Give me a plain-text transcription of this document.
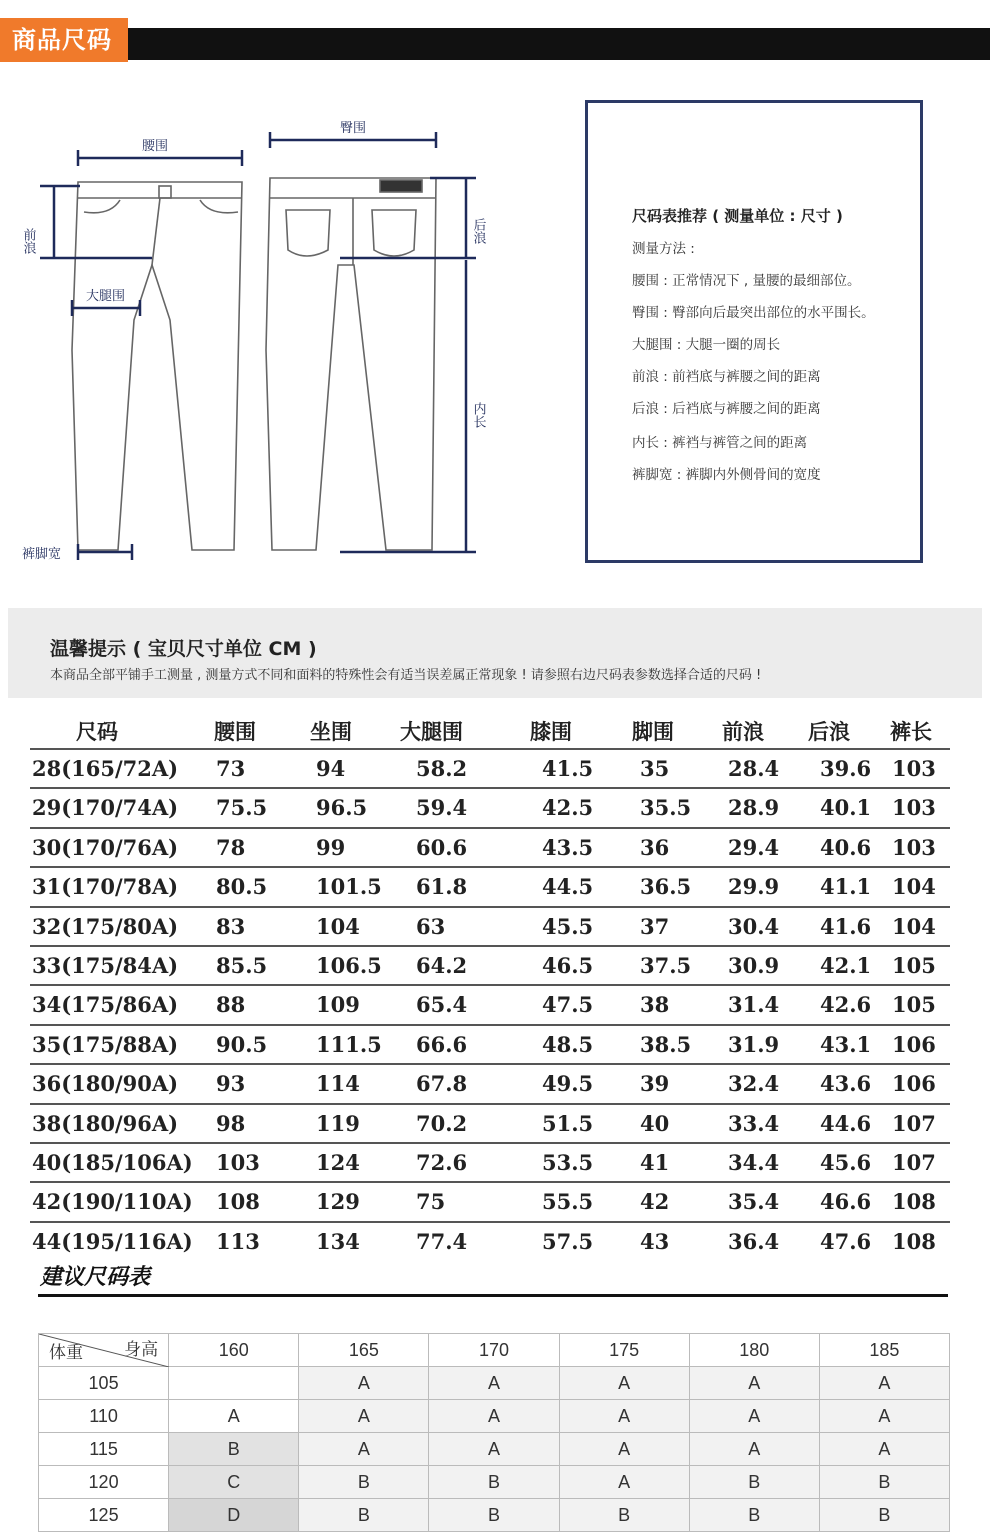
商品尺码
腰围
臀围
前浪	后浪
大腿围
内长
裤脚宽
尺码表推荐 ( 测量单位 : 尺寸 )
测量方法 :
腰围 : 正常情况下 , 量腰的最细部位。
臀围 : 臀部向后最突出部位的水平围长。
大腿围 : 大腿一圈的周长
前浪 : 前裆底与裤腰之间的距离
后浪 : 后裆底与裤腰之间的距离
内长 : 裤裆与裤管之间的距离
裤脚宽 : 裤脚内外侧骨间的宽度
温馨提示 ( 宝贝尺寸单位 CM )
本商品全部平铺手工测量 , 测量方式不同和面料的特殊性会有适当误差属正常现象 ! 请参照右边尺码表参数选择合适的尺码 !
尺码	腰围	坐围 大腿围	膝围	脚围 前浪 后浪 裤长
28(165/72A) 73	94	58.2	41.5 35	28.4 39.6 103
29(170/74A) 75.5 96.5 59.4	42.5 35.5 28.9 40.1 103
30(170/76A) 78	99	60.6	43.5 36	29.4 40.6 103
31(170/78A) 80.5 101.5 61.8	44.5 36.5 29.9 41.1 104
32(175/80A) 83	104	63	45.5 37	30.4 41.6 104
33(175/84A) 85.5 106.5 64.2	46.5 37.5 30.9 42.1 105
34(175/86A) 88	109	65.4	47.5 38	31.4 42.6 105
35(175/88A) 90.5 111.5 66.6	48.5 38.5 31.9 43.1 106
36(180/90A) 93	114	67.8	49.5 39	32.4 43.6 106
38(180/96A) 98	119	70.2	51.5 40	33.4 44.6 107
40(185/106A) 103	124	72.6	53.5 41	34.4 45.6 107
42(190/110A) 108	129	75	55.5 42	35.4 46.6 108
44(195/116A) 113	134	77.4	57.5 43	36.4 47.6 108
建议尺码表
体重 身高	160	165	170	175	180	185
105		A	A	A	A	A
110	A	A	A	A	A	A
115	B	A	A	A	A	A
120	C	B	B	A	B	B
125	D	B	B	B	B	B
